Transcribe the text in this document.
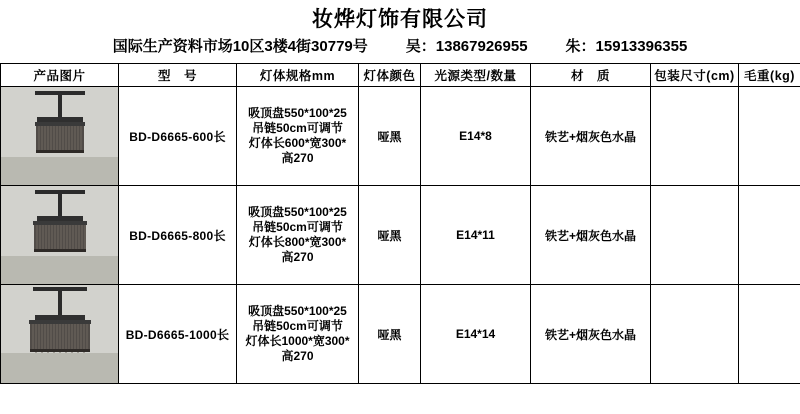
妆烨灯饰有限公司
国际生产资料市场10区3楼4街30779号	吴：13867926955	朱：15913396355
产品图片	型　号	灯体规格mm	灯体颜色	光源类型/数量	材　质	包装尺寸(cm)	毛重(kg)

	BD-D6665-600长	吸顶盘550*100*25
吊链50cm可调节
灯体长600*宽300*
高270	哑黑	E14*8	铁艺+烟灰色水晶		

	BD-D6665-800长	吸顶盘550*100*25
吊链50cm可调节
灯体长800*宽300*
高270	哑黑	E14*11	铁艺+烟灰色水晶		

	BD-D6665-1000长	吸顶盘550*100*25
吊链50cm可调节
灯体长1000*宽300*
高270	哑黑	E14*14	铁艺+烟灰色水晶		
